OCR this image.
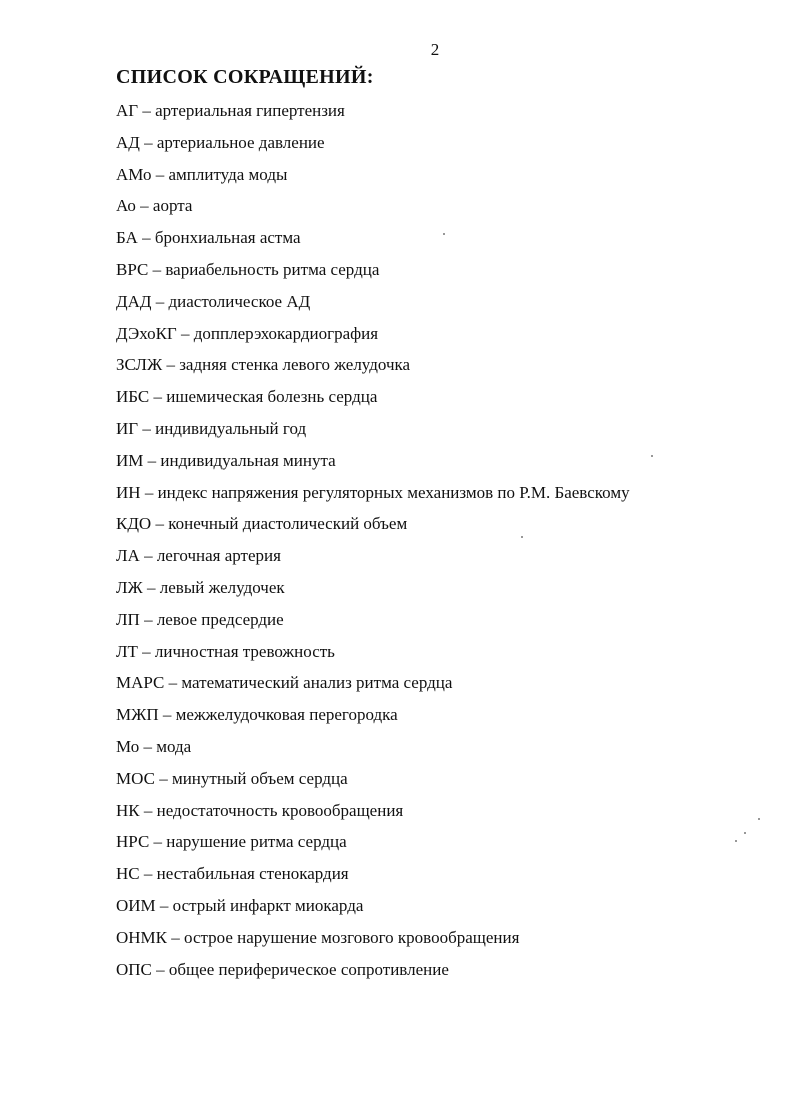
2
СПИСОК СОКРАЩЕНИЙ:
АГ – артериальная гипертензия
АД – артериальное давление
АМо – амплитуда моды
Ао – аорта
БА – бронхиальная астма
ВРС – вариабельность ритма сердца
ДАД – диастолическое АД
ДЭхоКГ – допплерэхокардиография
ЗСЛЖ – задняя стенка левого желудочка
ИБС – ишемическая болезнь сердца
ИГ – индивидуальный год
ИМ – индивидуальная минута
ИН – индекс напряжения регуляторных механизмов по Р.М. Баевскому
КДО – конечный диастолический объем
ЛА – легочная артерия
ЛЖ – левый желудочек
ЛП – левое предсердие
ЛТ – личностная тревожность
МАРС – математический анализ ритма сердца
МЖП – межжелудочковая перегородка
Мо – мода
МОС – минутный объем сердца
НК – недостаточность кровообращения
НРС – нарушение ритма сердца
НС – нестабильная стенокардия
ОИМ – острый инфаркт миокарда
ОНМК – острое нарушение мозгового кровообращения
ОПС – общее периферическое сопротивление
